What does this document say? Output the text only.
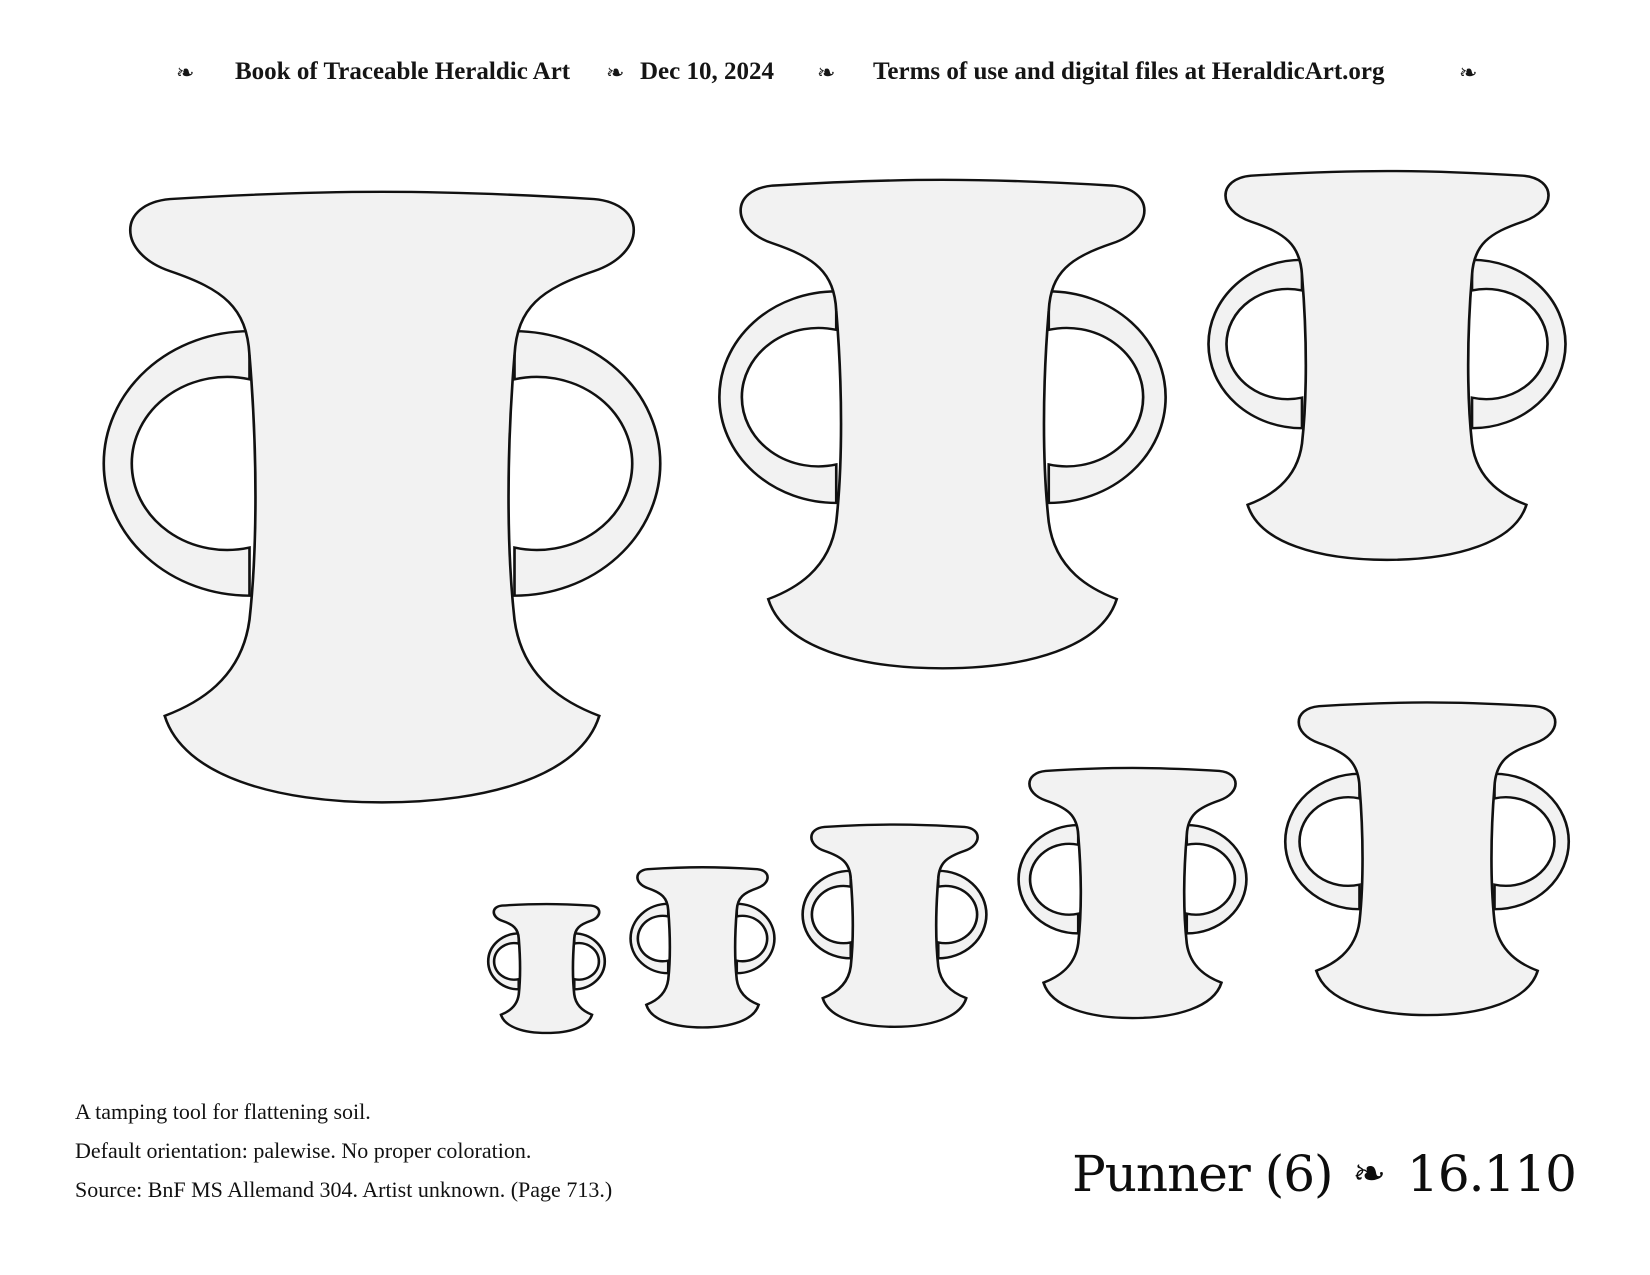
❧ Book of Traceable Heraldic Art ❧ Dec 10, 2024 ❧ Terms of use and digital files at HeraldicArt.org	❧
A tamping tool for flattening soil.
Default orientation: palewise. No proper coloration.
Source: BnF MS Allemand 304. Artist unknown. (Page 713.)	Punner (6) ❧ 16.110
